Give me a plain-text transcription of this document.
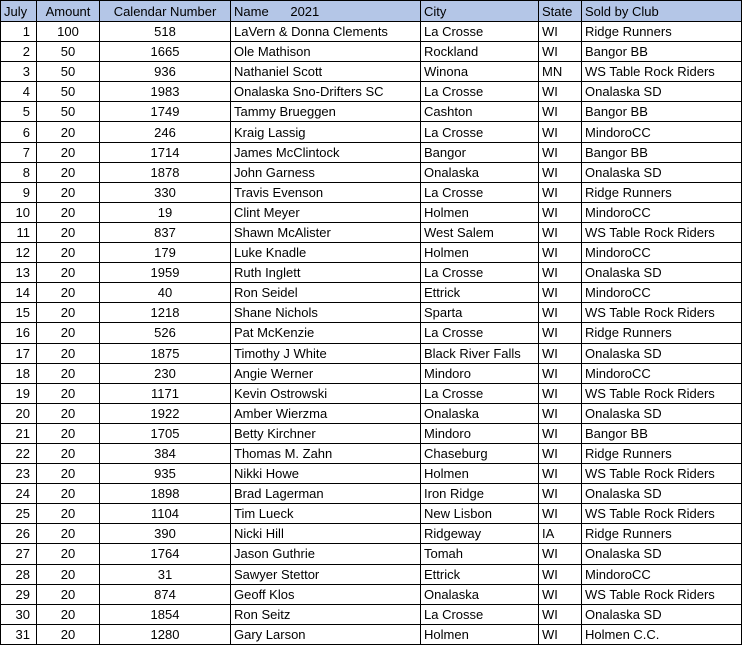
July	Amount	Calendar Number	Name      2021	City	State	Sold by Club
1	100	518	LaVern & Donna Clements	La Crosse	WI	Ridge Runners
2	50	1665	Ole Mathison	Rockland	WI	Bangor BB
3	50	936	Nathaniel Scott	Winona	MN	WS Table Rock Riders
4	50	1983	Onalaska Sno-Drifters SC	La Crosse	WI	Onalaska SD
5	50	1749	Tammy Brueggen	Cashton	WI	Bangor BB
6	20	246	Kraig Lassig	La Crosse	WI	MindoroCC
7	20	1714	James McClintock	Bangor	WI	Bangor BB
8	20	1878	John Garness	Onalaska	WI	Onalaska SD
9	20	330	Travis Evenson	La Crosse	WI	Ridge Runners
10	20	19	Clint Meyer	Holmen	WI	MindoroCC
11	20	837	Shawn McAlister	West Salem	WI	WS Table Rock Riders
12	20	179	Luke Knadle	Holmen	WI	MindoroCC
13	20	1959	Ruth Inglett	La Crosse	WI	Onalaska SD
14	20	40	Ron Seidel	Ettrick	WI	MindoroCC
15	20	1218	Shane Nichols	Sparta	WI	WS Table Rock Riders
16	20	526	Pat McKenzie	La Crosse	WI	Ridge Runners
17	20	1875	Timothy J White	Black River Falls	WI	Onalaska SD
18	20	230	Angie Werner	Mindoro	WI	MindoroCC
19	20	1171	Kevin Ostrowski	La Crosse	WI	WS Table Rock Riders
20	20	1922	Amber Wierzma	Onalaska	WI	Onalaska SD
21	20	1705	Betty Kirchner	Mindoro	WI	Bangor BB
22	20	384	Thomas M. Zahn	Chaseburg	WI	Ridge Runners
23	20	935	Nikki Howe	Holmen	WI	WS Table Rock Riders
24	20	1898	Brad Lagerman	Iron Ridge	WI	Onalaska SD
25	20	1104	Tim Lueck	New Lisbon	WI	WS Table Rock Riders
26	20	390	Nicki Hill	Ridgeway	IA	Ridge Runners
27	20	1764	Jason Guthrie	Tomah	WI	Onalaska SD
28	20	31	Sawyer Stettor	Ettrick	WI	MindoroCC
29	20	874	Geoff Klos	Onalaska	WI	WS Table Rock Riders
30	20	1854	Ron Seitz	La Crosse	WI	Onalaska SD
31	20	1280	Gary Larson	Holmen	WI	Holmen C.C.
